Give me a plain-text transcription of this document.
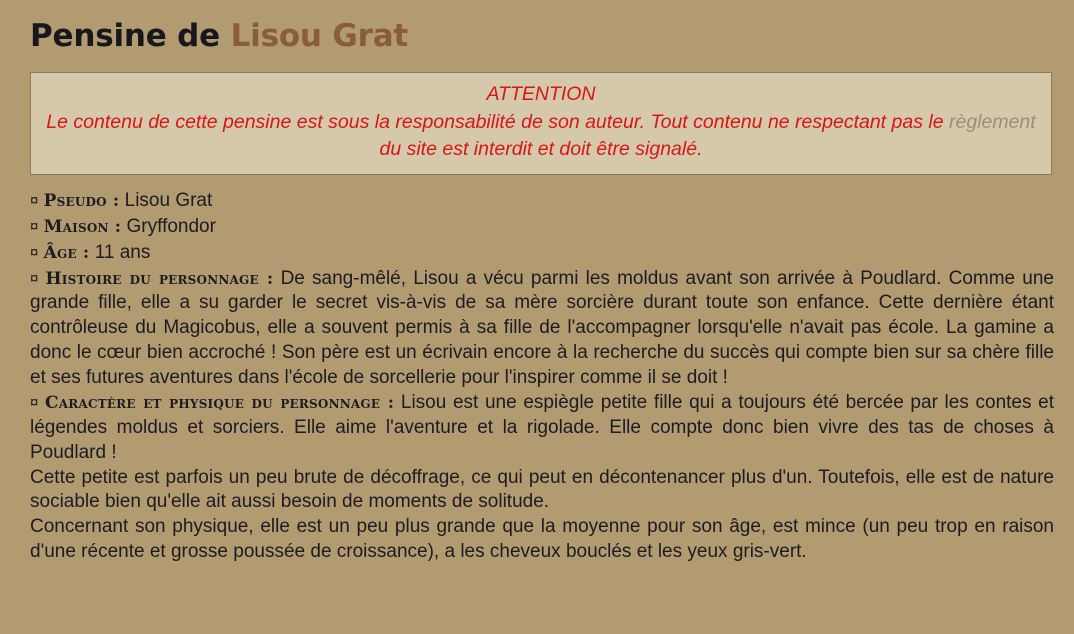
Pensine de Lisou Grat
ATTENTION
Le contenu de cette pensine est sous la responsabilité de son auteur. Tout contenu ne respectant pas le règlement du site est interdit et doit être signalé.
¤ Pseudo : Lisou Grat
¤ Maison : Gryffondor
¤ Âge : 11 ans

¤ Histoire du personnage : De sang-mêlé, Lisou a vécu parmi les moldus avant son arrivée à Poudlard. Comme une grande fille, elle a su garder le secret vis-à-vis de sa mère sorcière durant toute son enfance. Cette dernière étant contrôleuse du Magicobus, elle a souvent permis à sa fille de l'accompagner lorsqu'elle n'avait pas école. La gamine a donc le cœur bien accroché ! Son père est un écrivain encore à la recherche du succès qui compte bien sur sa chère fille et ses futures aventures dans l'école de sorcellerie pour l'inspirer comme il se doit !

¤ Caractère et physique du personnage : Lisou est une espiègle petite fille qui a toujours été bercée par les contes et légendes moldus et sorciers. Elle aime l'aventure et la rigolade. Elle compte donc bien vivre des tas de choses à Poudlard !

Cette petite est parfois un peu brute de décoffrage, ce qui peut en décontenancer plus d'un. Toutefois, elle est de nature sociable bien qu'elle ait aussi besoin de moments de solitude.

Concernant son physique, elle est un peu plus grande que la moyenne pour son âge, est mince (un peu trop en raison d'une récente et grosse poussée de croissance), a les cheveux bouclés et les yeux gris-vert.
